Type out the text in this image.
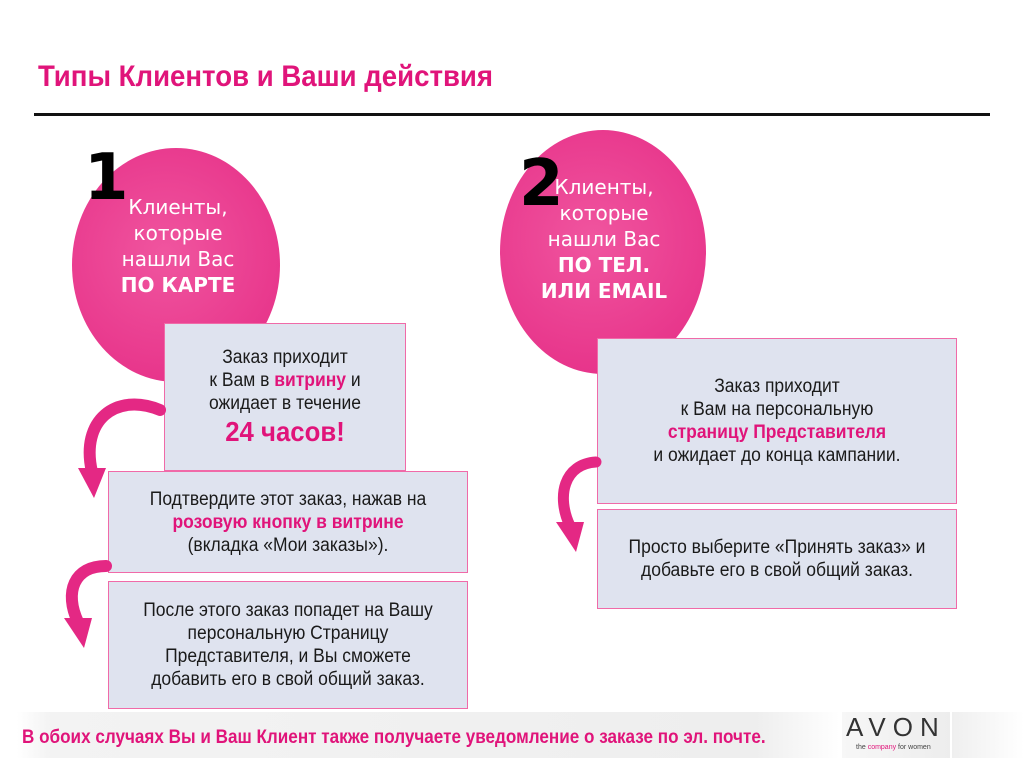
Типы Клиентов и Ваши действия
1 Клиенты,
которые
нашли Вас
ПО КАРТЕ
Заказ приходит
к Вам в витрину и
ожидает в течение
24 часов!
Подтвердите этот заказ, нажав на
розовую кнопку в витрине
(вкладка «Мои заказы»).
После этого заказ попадет на Вашу
персональную Страницу
Представителя, и Вы сможете
добавить его в свой общий заказ.
2
Клиенты,
которые
нашли Вас
ПО ТЕЛ.
ИЛИ EMAIL
Заказ приходит
к Вам на персональную
страницу Представителя
и ожидает до конца кампании.
Просто выберите «Принять заказ» и
добавьте его в свой общий заказ.
В обоих случаях Вы и Ваш Клиент также получаете уведомление о заказе по эл. почте.	AVON
the company for women
